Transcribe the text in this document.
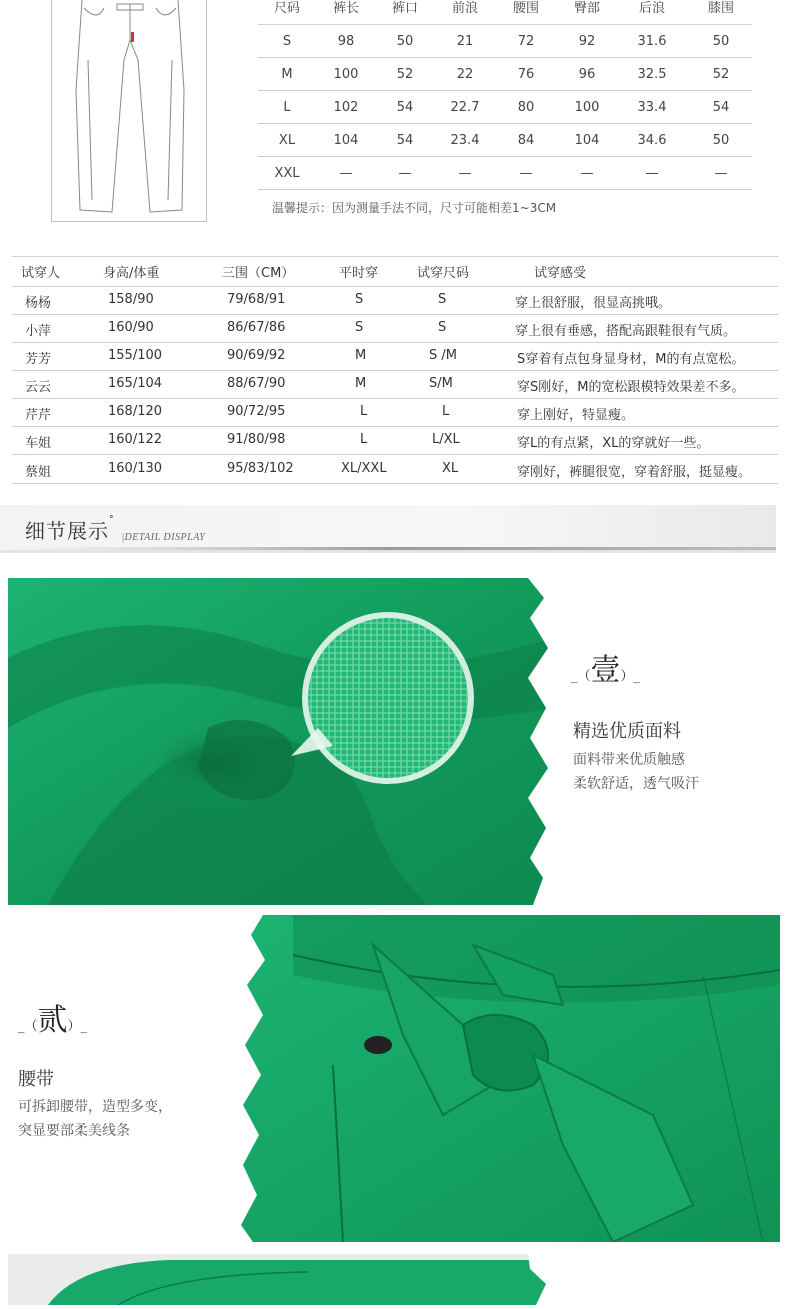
尺码	裤长	裤口	前浪	腰围	臀部	后浪	膝围
S	98	50	21	72	92	31.6	50
M	100	52	22	76	96	32.5	52
L	102	54	22.7	80	100	33.4	54
XL	104	54	23.4	84	104	34.6	50
XXL	—	—	—	—	—	—	—
温馨提示：因为测量手法不同，尺寸可能相差1~3CM
试穿人	身高/体重	三围（CM）	平时穿	试穿尺码	试穿感受
杨杨	158/90	79/68/91	S	S	穿上很舒服，很显高挑哦。
小萍	160/90	86/67/86	S	S	穿上很有垂感，搭配高跟鞋很有气质。
芳芳	155/100	90/69/92	M	S /M	S穿着有点包身显身材，M的有点宽松。
云云	165/104	88/67/90	M	S/M	穿S刚好，M的宽松跟模特效果差不多。
芹芹	168/120	90/72/95	L	L	穿上刚好，特显瘦。
车姐	160/122	91/80/98	L	L/XL	穿L的有点紧，XL的穿就好一些。
蔡姐	160/130	95/83/102	XL/XXL	XL	穿刚好，裤腿很宽，穿着舒服，挺显瘦。
细节展示°
|DETAIL DISPLAY
_（壹）_
精选优质面料
面料带来优质触感
柔软舒适，透气吸汗
_（贰）_
腰带
可拆卸腰带，造型多变，
突显要部柔美线条
